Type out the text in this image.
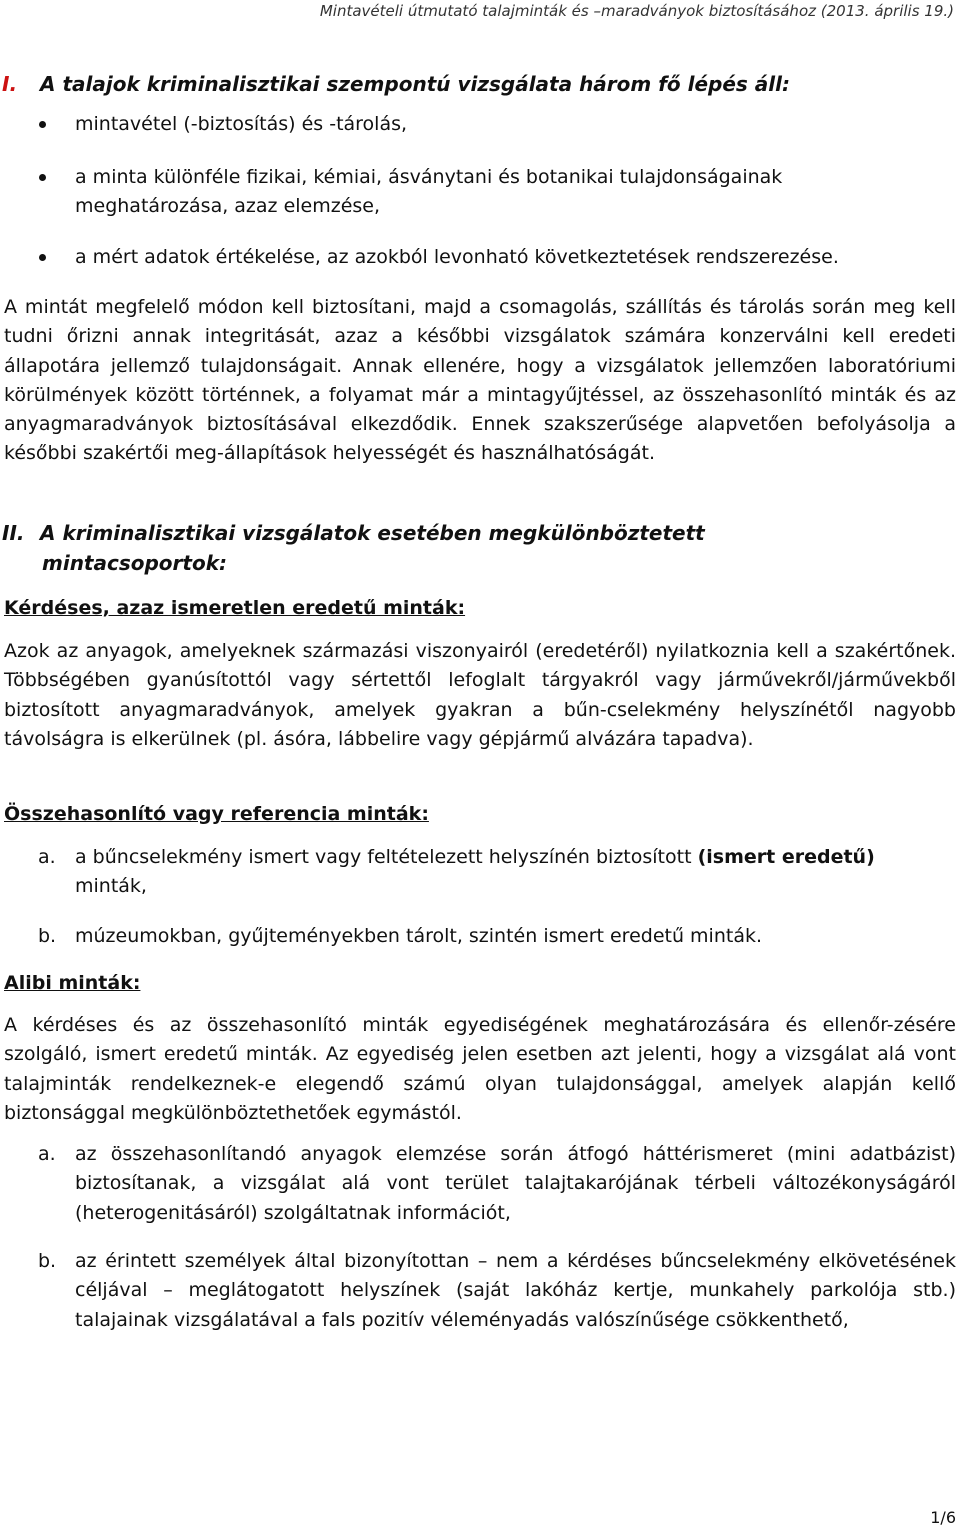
Mintavételi útmutató talajminták és –maradványok biztosításához (2013. április 19.)
I. A talajok kriminalisztikai szempontú vizsgálata három fő lépés áll:
mintavétel (-biztosítás) és -tárolás,
a minta különféle fizikai, kémiai, ásványtani és botanikai tulajdonságainak meghatározása, azaz elemzése,
a mért adatok értékelése, az azokból levonható következtetések rendszerezése.
A mintát megfelelő módon kell biztosítani, majd a csomagolás, szállítás és tárolás során meg kell tudni őrizni annak integritását, azaz a későbbi vizsgálatok számára konzerválni kell eredeti állapotára jellemző tulajdonságait. Annak ellenére, hogy a vizsgálatok jellemzően laboratóriumi körülmények között történnek, a folyamat már a mintagyűjtéssel, az összehasonlító minták és az anyagmaradványok biztosításával elkezdődik. Ennek szakszerűsége alapvetően befolyásolja a későbbi szakértői meg-állapítások helyességét és használhatóságát.
II. A kriminalisztikai vizsgálatok esetében megkülönböztetett
mintacsoportok:
Kérdéses, azaz ismeretlen eredetű minták:
Azok az anyagok, amelyeknek származási viszonyairól (eredetéről) nyilatkoznia kell a szakértőnek. Többségében gyanúsítottól vagy sértettől lefoglalt tárgyakról vagy járművekről/járművekből biztosított anyagmaradványok, amelyek gyakran a bűn-cselekmény helyszínétől nagyobb távolságra is elkerülnek (pl. ásóra, lábbelire vagy gépjármű alvázára tapadva).
Összehasonlító vagy referencia minták:
a. a bűncselekmény ismert vagy feltételezett helyszínén biztosított (ismert eredetű) minták,
b. múzeumokban, gyűjteményekben tárolt, szintén ismert eredetű minták.
Alibi minták:
A kérdéses és az összehasonlító minták egyediségének meghatározására és ellenőr-zésére szolgáló, ismert eredetű minták. Az egyediség jelen esetben azt jelenti, hogy a vizsgálat alá vont talajminták rendelkeznek-e elegendő számú olyan tulajdonsággal, amelyek alapján kellő biztonsággal megkülönböztethetőek egymástól.
a. az összehasonlítandó anyagok elemzése során átfogó háttérismeret (mini adatbázist) biztosítanak, a vizsgálat alá vont terület talajtakarójának térbeli változékonyságáról (heterogenitásáról) szolgáltatnak információt,
b. az érintett személyek által bizonyítottan – nem a kérdéses bűncselekmény elkövetésének céljával – meglátogatott helyszínek (saját lakóház kertje, munkahely parkolója stb.) talajainak vizsgálatával a fals pozitív véleményadás valószínűsége csökkenthető,
1/6
